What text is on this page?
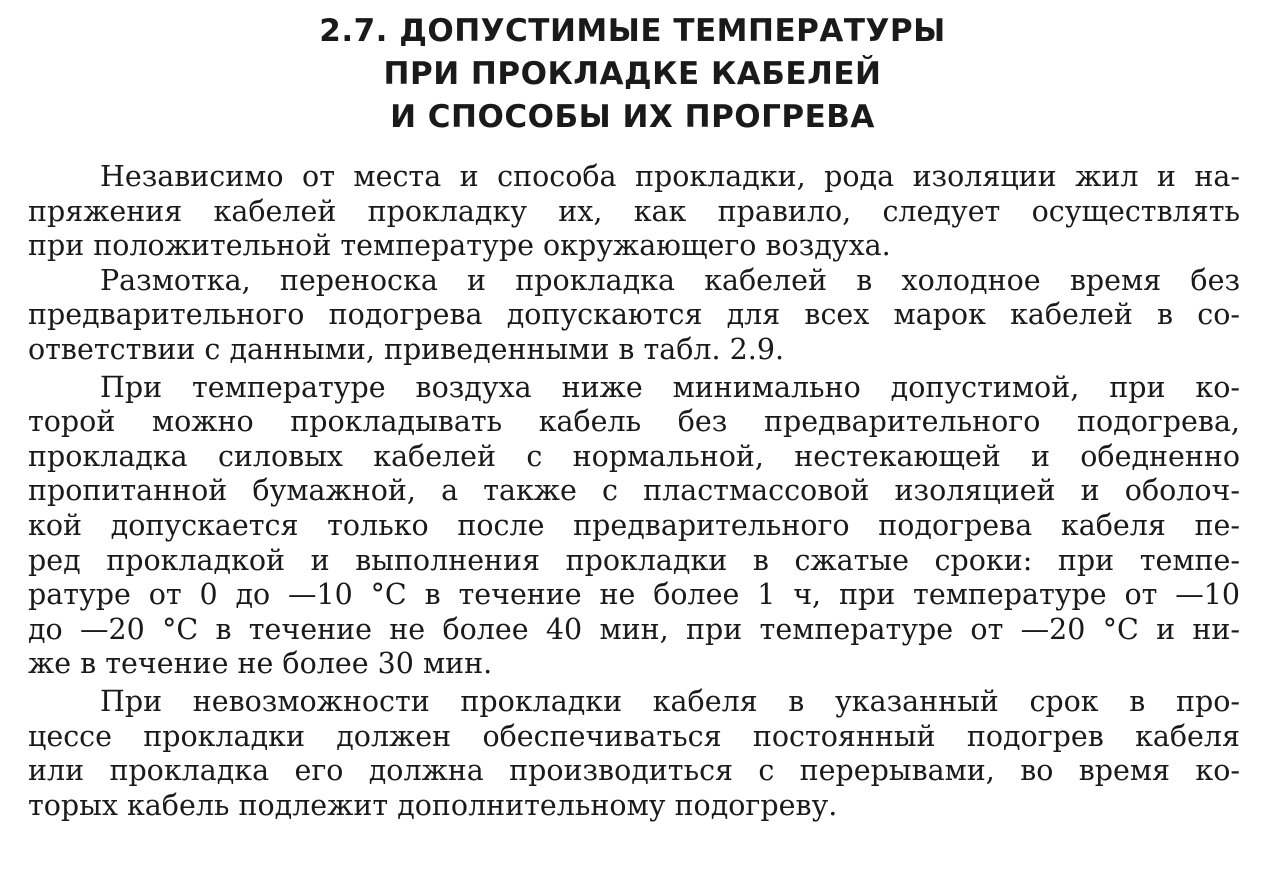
2.7. ДОПУСТИМЫЕ ТЕМПЕРАТУРЫ
ПРИ ПРОКЛАДКЕ КАБЕЛЕЙ
И СПОСОБЫ ИХ ПРОГРЕВА
Независимо от места и способа прокладки, рода изоляции жил и на-
пряжения кабелей прокладку их, как правило, следует осуществлять
при положительной температуре окружающего воздуха.
Размотка, переноска и прокладка кабелей в холодное время без
предварительного подогрева допускаются для всех марок кабелей в со-
ответствии с данными, приведенными в табл. 2.9.
При температуре воздуха ниже минимально допустимой, при ко-
торой можно прокладывать кабель без предварительного подогрева,
прокладка силовых кабелей с нормальной, нестекающей и обедненно
пропитанной бумажной, а также с пластмассовой изоляцией и оболоч-
кой допускается только после предварительного подогрева кабеля пе-
ред прокладкой и выполнения прокладки в сжатые сроки: при темпе-
ратуре от 0 до —10 °С в течение не более 1 ч, при температуре от —10
до —20 °С в течение не более 40 мин, при температуре от —20 °С и ни-
же в течение не более 30 мин.
При невозможности прокладки кабеля в указанный срок в про-
цессе прокладки должен обеспечиваться постоянный подогрев кабеля
или прокладка его должна производиться с перерывами, во время ко-
торых кабель подлежит дополнительному подогреву.
